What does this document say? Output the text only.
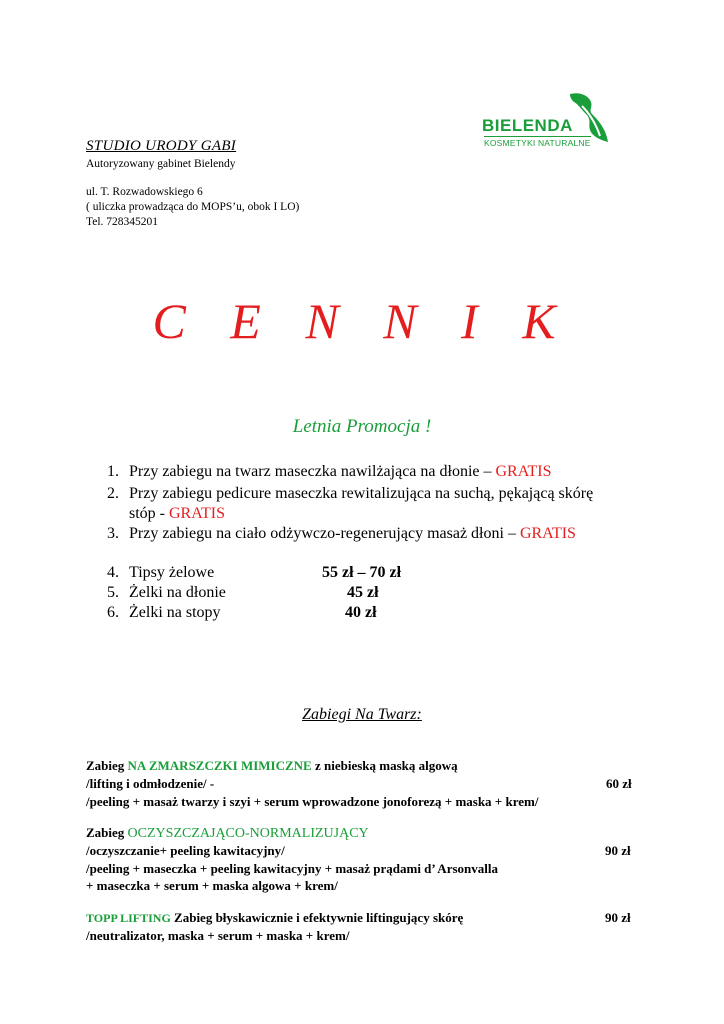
STUDIO URODY GABI
Autoryzowany gabinet Bielendy
ul. T. Rozwadowskiego 6
( uliczka prowadząca do MOPS’u, obok I LO)
Tel. 728345201
BIELENDA
KOSMETYKI NATURALNE
C E N N I K
Letnia Promocja !
1. Przy zabiegu na twarz maseczka nawilżająca na dłonie – GRATIS
2. Przy zabiegu pedicure maseczka rewitalizująca na suchą, pękającą skórę
stóp - GRATIS
3. Przy zabiegu na ciało odżywczo-regenerujący masaż dłoni – GRATIS
4. Tipsy żelowe	55 zł – 70 zł
5. Żelki na dłonie	45 zł
6. Żelki na stopy	40 zł
Zabiegi Na Twarz:
Zabieg NA ZMARSZCZKI MIMICZNE z niebieską maską algową
/lifting i odmłodzenie/ -	60 zł
/peeling + masaż twarzy i szyi + serum wprowadzone jonoforezą + maska + krem/
Zabieg OCZYSZCZAJĄCO-NORMALIZUJĄCY
/oczyszczanie+ peeling kawitacyjny/	90 zł
/peeling + maseczka + peeling kawitacyjny + masaż prądami d’ Arsonvalla
+ maseczka + serum + maska algowa + krem/
TOPP LIFTING Zabieg błyskawicznie i efektywnie liftingujący skórę	90 zł
/neutralizator, maska + serum + maska + krem/
